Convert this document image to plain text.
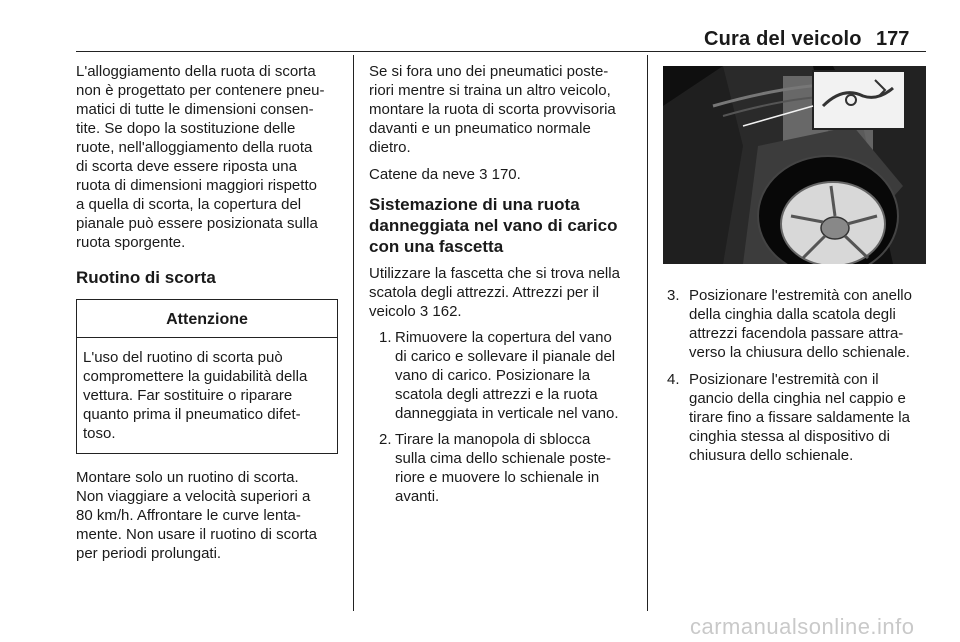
Cura del veicolo 177
L'alloggiamento della ruota di scorta
non è progettato per contenere pneu-
matici di tutte le dimensioni consen-
tite. Se dopo la sostituzione delle
ruote, nell'alloggiamento della ruota
di scorta deve essere riposta una
ruota di dimensioni maggiori rispetto
a quella di scorta, la copertura del
pianale può essere posizionata sulla
ruota sporgente.
Ruotino di scorta
Attenzione
L'uso del ruotino di scorta può
compromettere la guidabilità della
vettura. Far sostituire o riparare
quanto prima il pneumatico difet-
toso.
Montare solo un ruotino di scorta.
Non viaggiare a velocità superiori a
80 km/h. Affrontare le curve lenta-
mente. Non usare il ruotino di scorta
per periodi prolungati.
Se si fora uno dei pneumatici poste-
riori mentre si traina un altro veicolo,
montare la ruota di scorta provvisoria
davanti e un pneumatico normale
dietro.
Catene da neve 3 170.
Sistemazione di una ruota
danneggiata nel vano di carico
con una fascetta
Utilizzare la fascetta che si trova nella
scatola degli attrezzi. Attrezzi per il
veicolo 3 162.
1. Rimuovere la copertura del vano
di carico e sollevare il pianale del
vano di carico. Posizionare la
scatola degli attrezzi e la ruota
danneggiata in verticale nel vano.
2. Tirare la manopola di sblocca
sulla cima dello schienale poste-
riore e muovere lo schienale in
avanti.
3. Posizionare l'estremità con anello
della cinghia dalla scatola degli
attrezzi facendola passare attra-
verso la chiusura dello schienale.
4. Posizionare l'estremità con il
gancio della cinghia nel cappio e
tirare fino a fissare saldamente la
cinghia stessa al dispositivo di
chiusura dello schienale.
carmanualsonline.info
